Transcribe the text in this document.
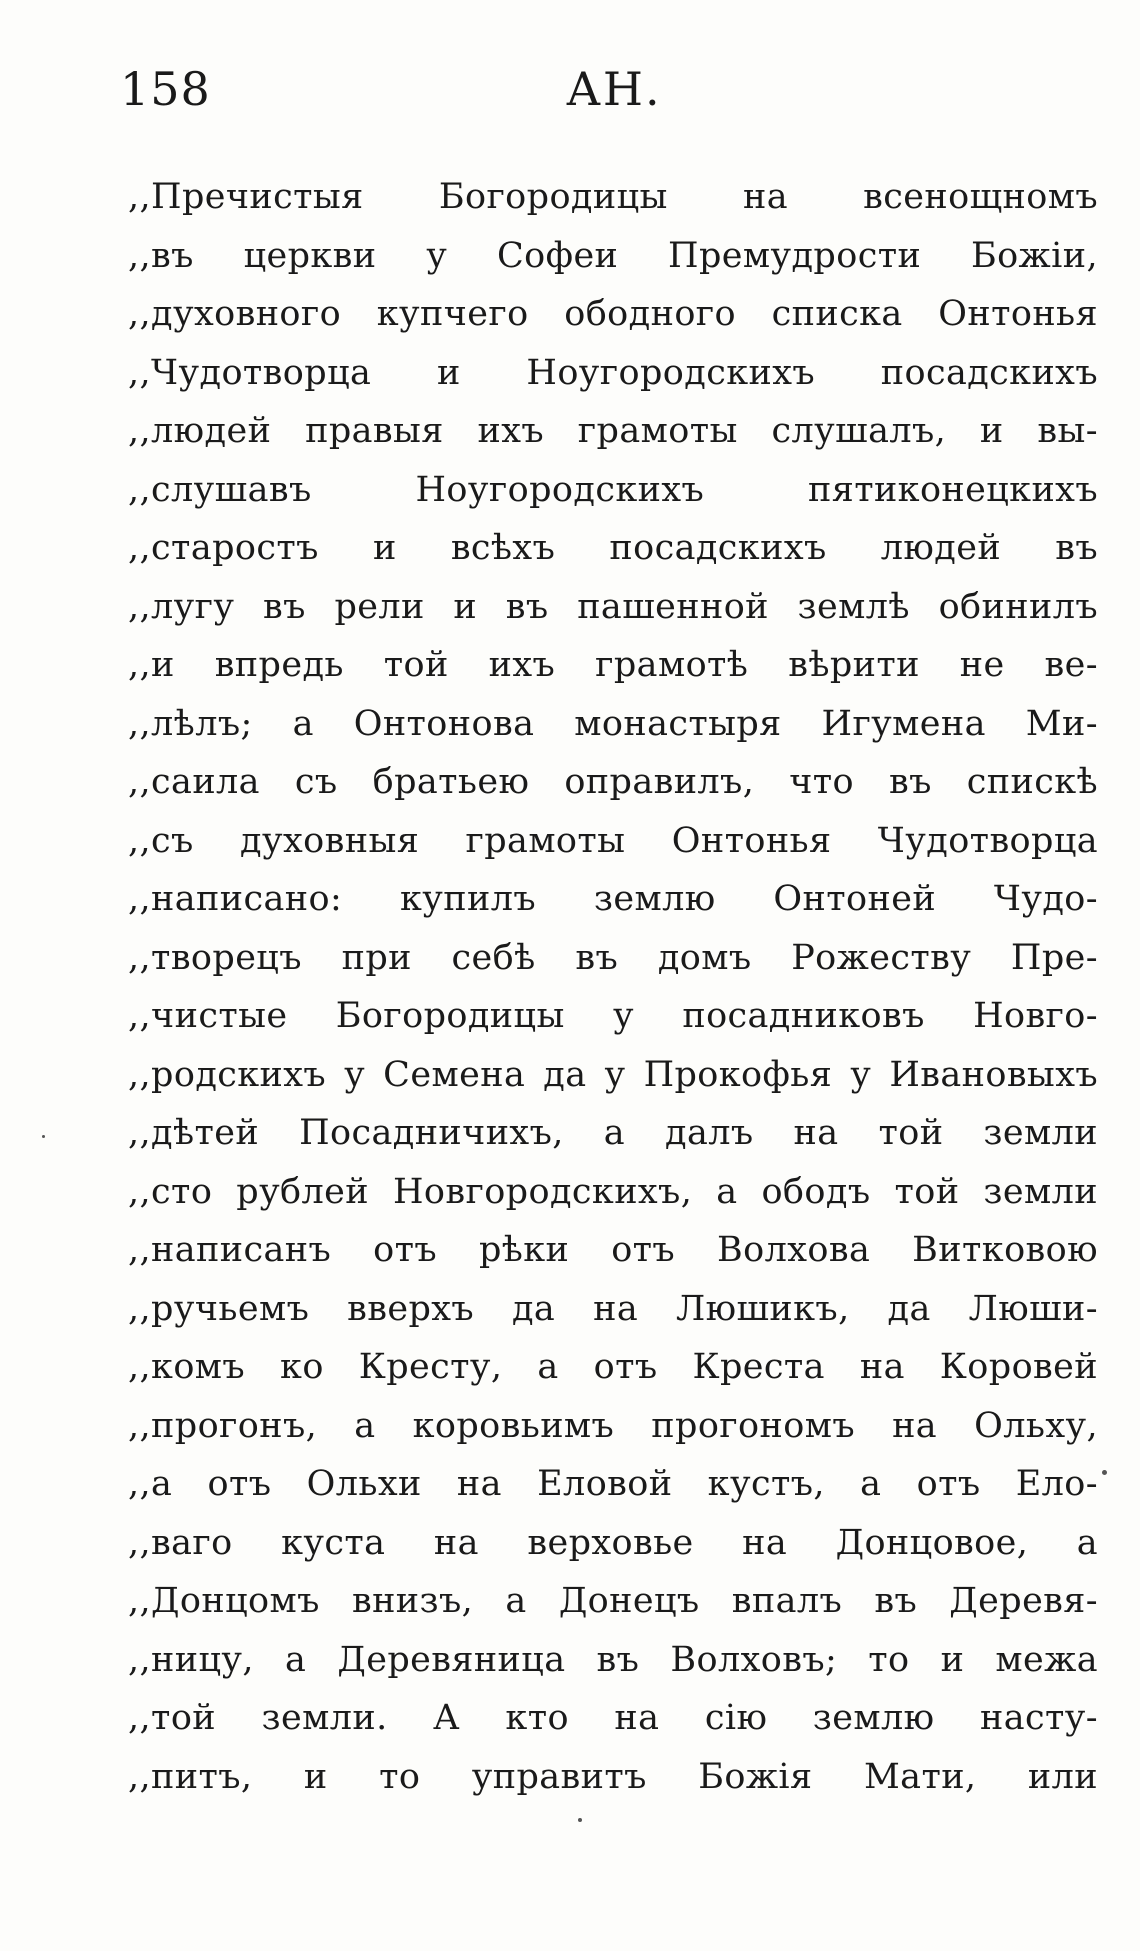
158	АН.
,,Пречистыя Богородицы на всенощномъ
,,въ церкви у Софеи Премудрости Божіи,
,,духовного купчего ободного списка Онтонья
,,Чудотворца и Ноугородскихъ посадскихъ
,,людей правыя ихъ грамоты слушалъ, и вы-
,,слушавъ Ноугородскихъ пятиконецкихъ
,,старостъ и всѣхъ посадскихъ людей въ
,,лугу въ рели и въ пашенной землѣ обинилъ
,,и впредь той ихъ грамотѣ вѣрити не ве-
,,лѣлъ; а Онтонова монастыря Игумена Ми-
,,саила съ братьею оправилъ, что въ спискѣ
,,съ духовныя грамоты Онтонья Чудотворца
,,написано: купилъ землю Онтоней Чудо-
,,творецъ при себѣ въ домъ Рожеству Пре-
,,чистые Богородицы у посадниковъ Новго-
,,родскихъ у Семена да у Прокофья у Ивановыхъ
,,дѣтей Посадничихъ, а далъ на той земли
,,сто рублей Новгородскихъ, а ободъ той земли
,,написанъ отъ рѣки отъ Волхова Витковою
,,ручьемъ вверхъ да на Люшикъ, да Люши-
,,комъ ко Кресту, а отъ Креста на Коровей
,,прогонъ, а коровьимъ прогономъ на Ольху,
,,а отъ Ольхи на Еловой кустъ, а отъ Ело-
,,ваго куста на верховье на Донцовое, а
,,Донцомъ внизъ, а Донецъ впалъ въ Деревя-
,,ницу, а Деревяница въ Волховъ; то и межа
,,той земли. А кто на сію землю насту-
,,питъ, и то управитъ Божія Мати, или
